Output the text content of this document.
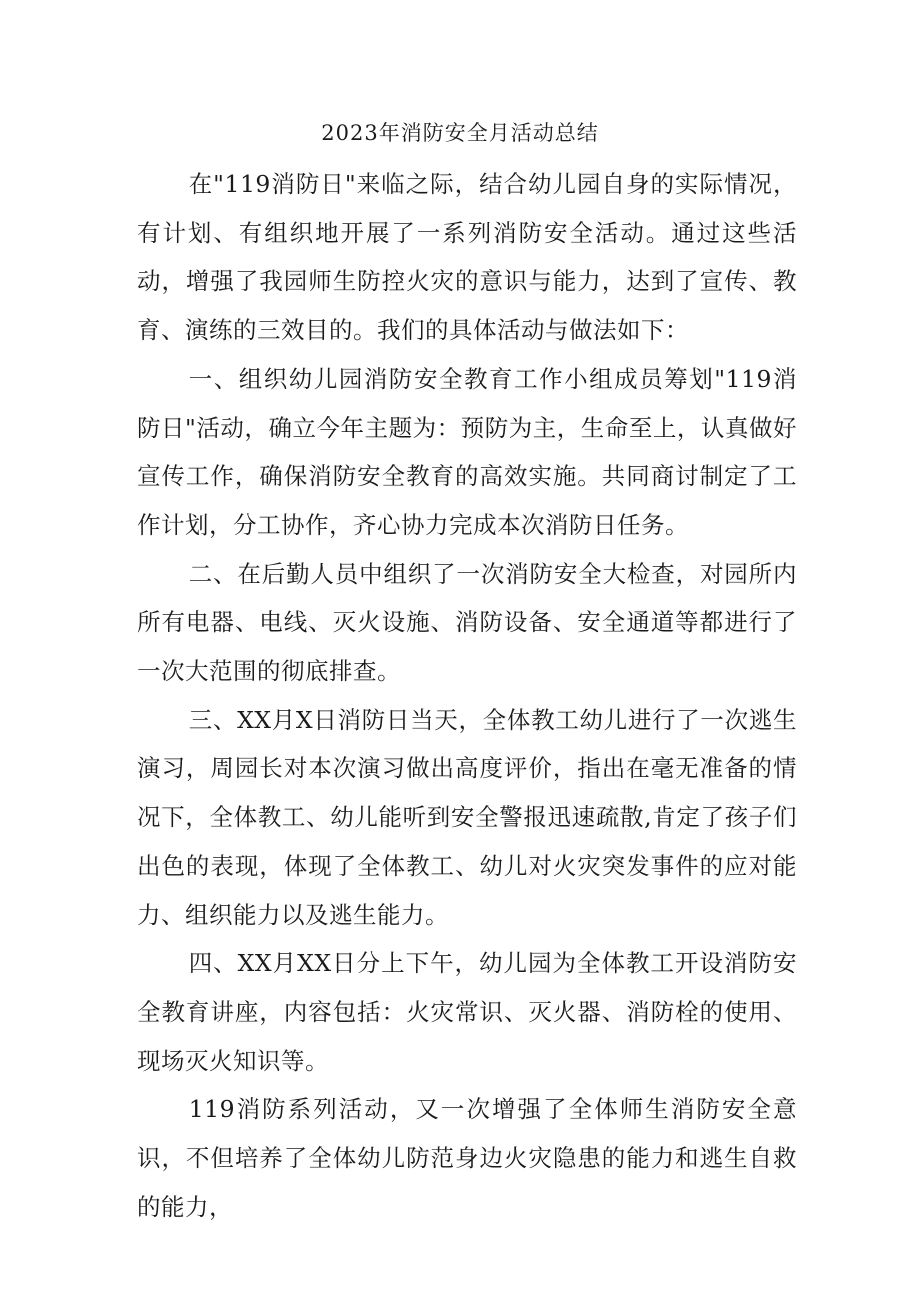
2023年消防安全月活动总结

在"119消防日"来临之际，结合幼儿园自身的实际情况，有计划、有组织地开展了一系列消防安全活动。通过这些活动，增强了我园师生防控火灾的意识与能力，达到了宣传、教育、演练的三效目的。我们的具体活动与做法如下：

一、组织幼儿园消防安全教育工作小组成员筹划"119消防日"活动，确立今年主题为：预防为主，生命至上，认真做好宣传工作，确保消防安全教育的高效实施。共同商讨制定了工作计划，分工协作，齐心协力完成本次消防日任务。

二、在后勤人员中组织了一次消防安全大检查，对园所内所有电器、电线、灭火设施、消防设备、安全通道等都进行了一次大范围的彻底排查。

三、XX月X日消防日当天，全体教工幼儿进行了一次逃生演习，周园长对本次演习做出高度评价，指出在毫无准备的情况下，全体教工、幼儿能听到安全警报迅速疏散,肯定了孩子们出色的表现，体现了全体教工、幼儿对火灾突发事件的应对能力、组织能力以及逃生能力。

四、XX月XX日分上下午，幼儿园为全体教工开设消防安全教育讲座，内容包括：火灾常识、灭火器、消防栓的使用、现场灭火知识等。

119消防系列活动，又一次增强了全体师生消防安全意识，不但培养了全体幼儿防范身边火灾隐患的能力和逃生自救的能力，
